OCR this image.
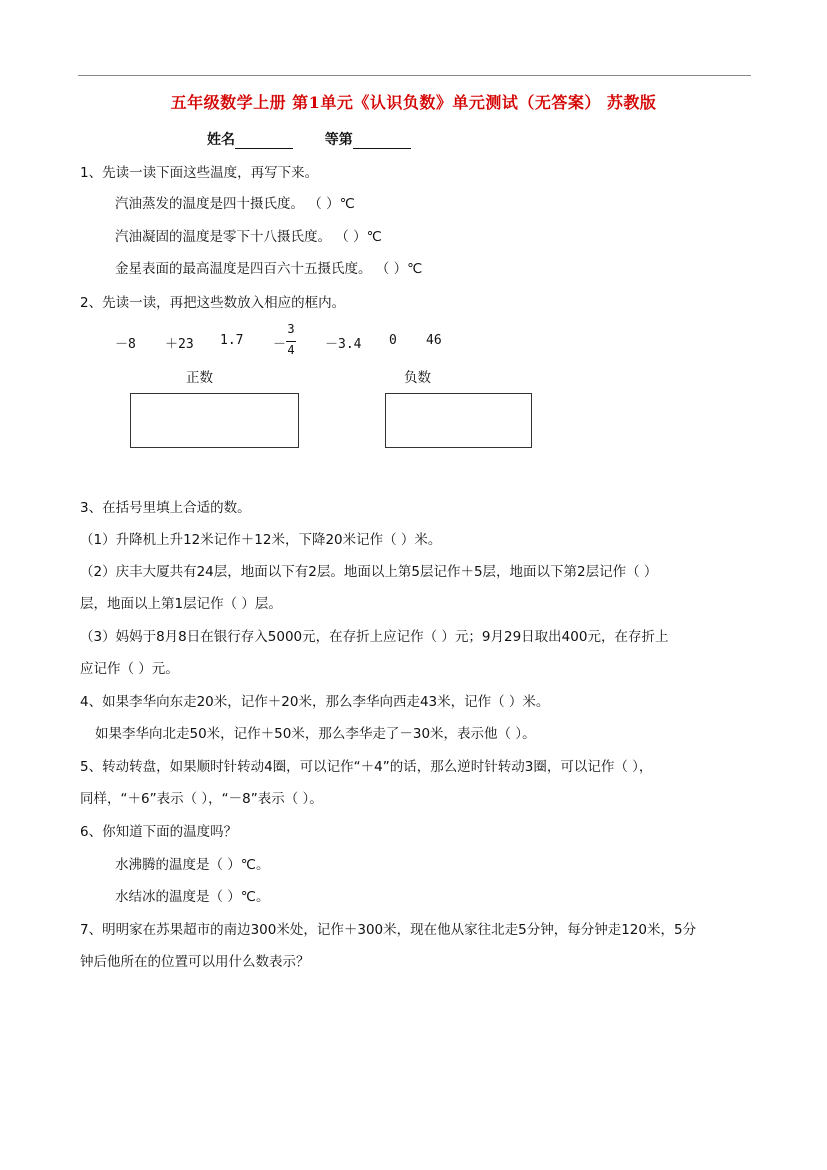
五年级数学上册 第1单元《认识负数》单元测试（无答案） 苏教版
姓名	等第
1、先读一读下面这些温度，再写下来。
汽油蒸发的温度是四十摄氏度。 （ ）℃
汽油凝固的温度是零下十八摄氏度。 （ ）℃
金星表面的最高温度是四百六十五摄氏度。 （ ）℃
2、先读一读，再把这些数放入相应的框内。
－8 ＋23 1.7 －
3
4 －3.4 0 46
正数	负数
3、在括号里填上合适的数。
（1）升降机上升12米记作＋12米，下降20米记作（ ）米。
（2）庆丰大厦共有24层，地面以下有2层。地面以上第5层记作＋5层，地面以下第2层记作（ ）
层，地面以上第1层记作（ ）层。
（3）妈妈于8月8日在银行存入5000元，在存折上应记作（ ）元；9月29日取出400元，在存折上
应记作（ ）元。
4、如果李华向东走20米，记作＋20米，那么李华向西走43米，记作（ ）米。
如果李华向北走50米，记作＋50米，那么李华走了－30米，表示他（ ）。
5、转动转盘，如果顺时针转动4圈，可以记作“＋4”的话，那么逆时针转动3圈，可以记作（ ），
同样，“＋6”表示（ ），“－8”表示（ ）。
6、你知道下面的温度吗？
水沸腾的温度是（ ）℃。
水结冰的温度是（ ）℃。
7、明明家在苏果超市的南边300米处，记作＋300米，现在他从家往北走5分钟，每分钟走120米，5分
钟后他所在的位置可以用什么数表示？
